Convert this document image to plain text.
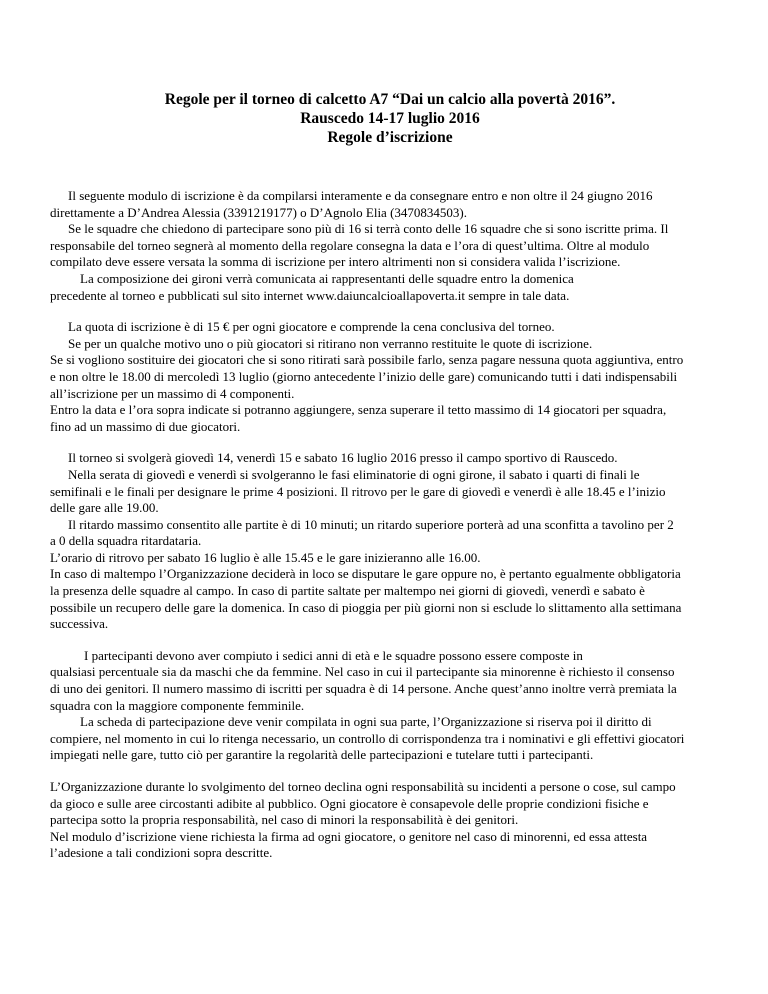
Regole per il torneo di calcetto A7 “Dai un calcio alla povertà 2016”.
Rauscedo 14-17 luglio 2016
Regole d’iscrizione
Il seguente modulo di iscrizione è da compilarsi interamente e da consegnare entro e non oltre il 24 giugno 2016
direttamente a D’Andrea Alessia (3391219177) o D’Agnolo Elia (3470834503).
Se le squadre che chiedono di partecipare sono più di 16 si terrà conto delle 16 squadre che si sono iscritte prima. Il
responsabile del torneo segnerà al momento della regolare consegna la data e l’ora di quest’ultima. Oltre al modulo
compilato deve essere versata la somma di iscrizione per intero altrimenti non si considera valida l’iscrizione.
La composizione dei gironi verrà comunicata ai rappresentanti delle squadre entro la domenica
precedente al torneo e pubblicati sul sito internet www.daiuncalcioallapoverta.it sempre in tale data.
La quota di iscrizione è di 15 € per ogni giocatore e comprende la cena conclusiva del torneo.
Se per un qualche motivo uno o più giocatori si ritirano non verranno restituite le quote di iscrizione.
Se si vogliono sostituire dei giocatori che si sono ritirati sarà possibile farlo, senza pagare nessuna quota aggiuntiva, entro
e non oltre le 18.00 di mercoledì 13 luglio (giorno antecedente l’inizio delle gare) comunicando tutti i dati indispensabili
all’iscrizione per un massimo di 4 componenti.
Entro la data e l’ora sopra indicate si potranno aggiungere, senza superare il tetto massimo di 14 giocatori per squadra,
fino ad un massimo di due giocatori.
Il torneo si svolgerà giovedì 14, venerdì 15 e sabato 16 luglio 2016 presso il campo sportivo di Rauscedo.
Nella serata di giovedì e venerdì si svolgeranno le fasi eliminatorie di ogni girone, il sabato i quarti di finali le
semifinali e le finali per designare le prime 4 posizioni. Il ritrovo per le gare di giovedì e venerdì è alle 18.45 e l’inizio
delle gare alle 19.00.
Il ritardo massimo consentito alle partite è di 10 minuti; un ritardo superiore porterà ad una sconfitta a tavolino per 2
a 0 della squadra ritardataria.
L’orario di ritrovo per sabato 16 luglio è alle 15.45 e le gare inizieranno alle 16.00.
In caso di maltempo l’Organizzazione deciderà in loco se disputare le gare oppure no, è pertanto egualmente obbligatoria
la presenza delle squadre al campo. In caso di partite saltate per maltempo nei giorni di giovedì, venerdì e sabato è
possibile un recupero delle gare la domenica. In caso di pioggia per più giorni non si esclude lo slittamento alla settimana
successiva.
I partecipanti devono aver compiuto i sedici anni di età e le squadre possono essere composte in
qualsiasi percentuale sia da maschi che da femmine. Nel caso in cui il partecipante sia minorenne è richiesto il consenso
di uno dei genitori. Il numero massimo di iscritti per squadra è di 14 persone. Anche quest’anno inoltre verrà premiata la
squadra con la maggiore componente femminile.
La scheda di partecipazione deve venir compilata in ogni sua parte, l’Organizzazione si riserva poi il diritto di
compiere, nel momento in cui lo ritenga necessario, un controllo di corrispondenza tra i nominativi e gli effettivi giocatori
impiegati nelle gare, tutto ciò per garantire la regolarità delle partecipazioni e tutelare tutti i partecipanti.
L’Organizzazione durante lo svolgimento del torneo declina ogni responsabilità su incidenti a persone o cose, sul campo
da gioco e sulle aree circostanti adibite al pubblico. Ogni giocatore è consapevole delle proprie condizioni fisiche e
partecipa sotto la propria responsabilità, nel caso di minori la responsabilità è dei genitori.
Nel modulo d’iscrizione viene richiesta la firma ad ogni giocatore, o genitore nel caso di minorenni, ed essa attesta
l’adesione a tali condizioni sopra descritte.
